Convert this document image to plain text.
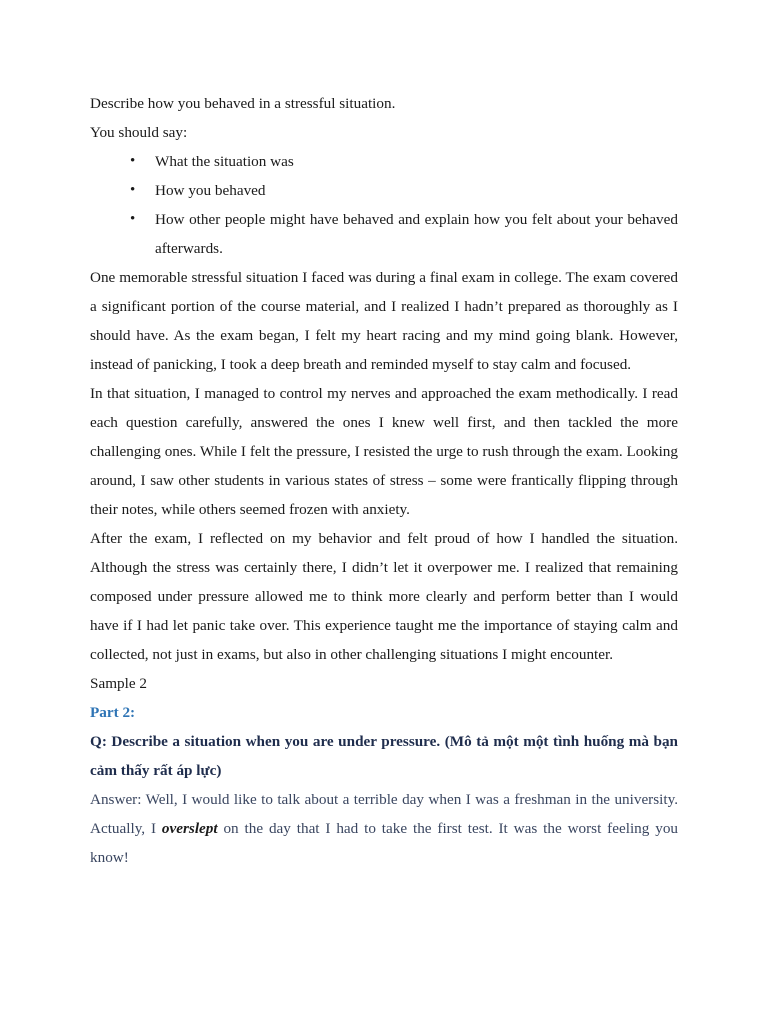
Describe how you behaved in a stressful situation.

You should say:

• What the situation was
• How you behaved
• How other people might have behaved and explain how you felt about your behaved afterwards.

One memorable stressful situation I faced was during a final exam in college. The exam covered a significant portion of the course material, and I realized I hadn’t prepared as thoroughly as I should have. As the exam began, I felt my heart racing and my mind going blank. However, instead of panicking, I took a deep breath and reminded myself to stay calm and focused.

In that situation, I managed to control my nerves and approached the exam methodically. I read each question carefully, answered the ones I knew well first, and then tackled the more challenging ones. While I felt the pressure, I resisted the urge to rush through the exam. Looking around, I saw other students in various states of stress – some were frantically flipping through their notes, while others seemed frozen with anxiety.

After the exam, I reflected on my behavior and felt proud of how I handled the situation. Although the stress was certainly there, I didn’t let it overpower me. I realized that remaining composed under pressure allowed me to think more clearly and perform better than I would have if I had let panic take over. This experience taught me the importance of staying calm and collected, not just in exams, but also in other challenging situations I might encounter.

Sample 2

Part 2:

Q: Describe a situation when you are under pressure. (Mô tả một một tình huống mà bạn cảm thấy rất áp lực)

Answer: Well, I would like to talk about a terrible day when I was a freshman in the university. Actually, I overslept on the day that I had to take the first test. It was the worst feeling you know!
